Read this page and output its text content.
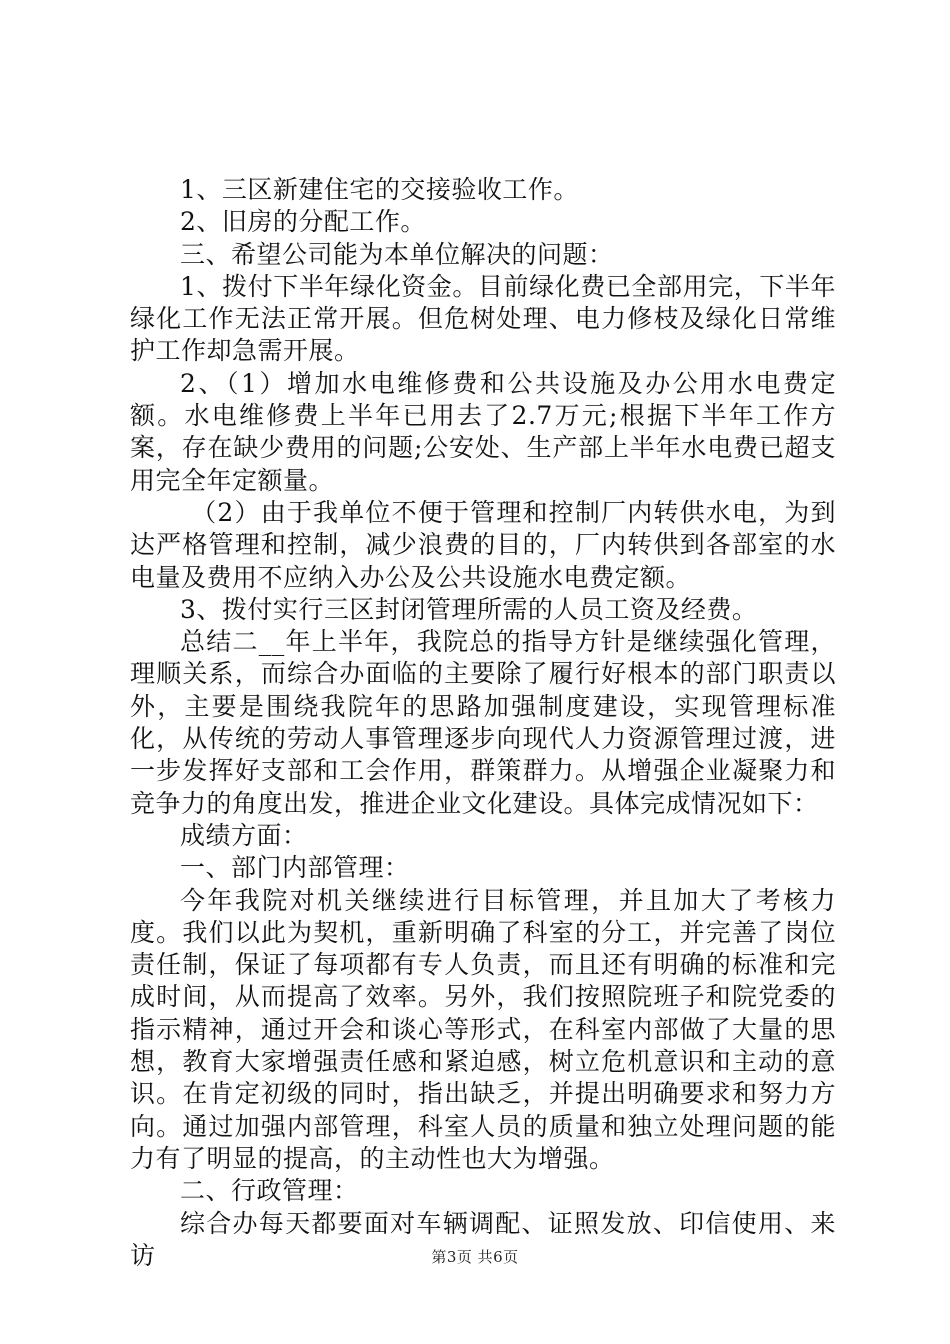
1、三区新建住宅的交接验收工作。

2、旧房的分配工作。

三、希望公司能为本单位解决的问题：

1、拨付下半年绿化资金。目前绿化费已全部用完，下半年绿化工作无法正常开展。但危树处理、电力修枝及绿化日常维护工作却急需开展。

2、（1）增加水电维修费和公共设施及办公用水电费定额。水电维修费上半年已用去了2.7万元;根据下半年工作方案，存在缺少费用的问题;公安处、生产部上半年水电费已超支用完全年定额量。

（2）由于我单位不便于管理和控制厂内转供水电，为到达严格管理和控制，减少浪费的目的，厂内转供到各部室的水电量及费用不应纳入办公及公共设施水电费定额。

3、拨付实行三区封闭管理所需的人员工资及经费。

总结二__年上半年，我院总的指导方针是继续强化管理，理顺关系，而综合办面临的主要除了履行好根本的部门职责以外，主要是围绕我院年的思路加强制度建设，实现管理标准化，从传统的劳动人事管理逐步向现代人力资源管理过渡，进一步发挥好支部和工会作用，群策群力。从增强企业凝聚力和竞争力的角度出发，推进企业文化建设。具体完成情况如下：

成绩方面：

一、部门内部管理：

今年我院对机关继续进行目标管理，并且加大了考核力度。我们以此为契机，重新明确了科室的分工，并完善了岗位责任制，保证了每项都有专人负责，而且还有明确的标准和完成时间，从而提高了效率。另外，我们按照院班子和院党委的指示精神，通过开会和谈心等形式，在科室内部做了大量的思想，教育大家增强责任感和紧迫感，树立危机意识和主动的意识。在肯定初级的同时，指出缺乏，并提出明确要求和努力方向。通过加强内部管理，科室人员的质量和独立处理问题的能力有了明显的提高，的主动性也大为增强。

二、行政管理：

综合办每天都要面对车辆调配、证照发放、印信使用、来访	第3页 共6页
